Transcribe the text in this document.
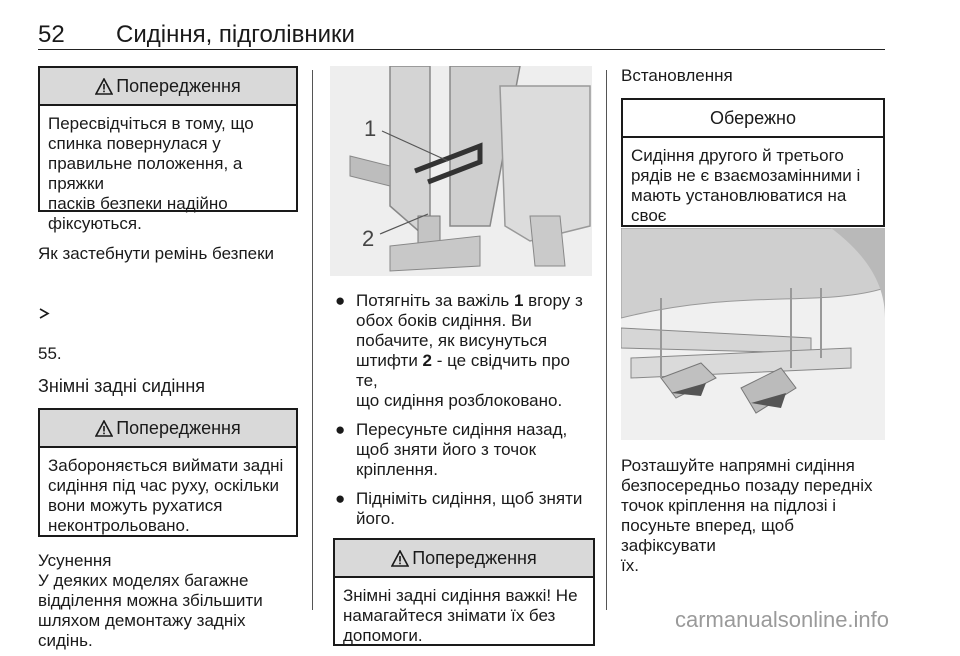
52 Сидіння, підголівники
Попередження
Пересвідчіться в тому, що
спинка повернулася у
правильне положення, а пряжки
пасків безпеки надійно
фіксуються.

Як застебнути ремінь безпеки

55.

Знімні задні сидіння
Попередження
Забороняється виймати задні
сидіння під час руху, оскільки
вони можуть рухатися
неконтрольовано.
Усунення
У деяких моделях багажне
відділення можна збільшити
шляхом демонтажу задніх сидінь.
1
2
● Потягніть за важіль 1 вгору з
обох боків сидіння. Ви
побачите, як висунуться
штифти 2 - це свідчить про те,
що сидіння розблоковано.
● Пересуньте сидіння назад,
щоб зняти його з точок
кріплення.
● Підніміть сидіння, щоб зняти
його.
Попередження
Знімні задні сидіння важкі! Не
намагайтеся знімати їх без
допомоги.
Встановлення
Обережно
Сидіння другого й третього
рядів не є взаємозамінними і
мають установлюватися на своє

Розташуйте напрямні сидіння
безпосередньо позаду передніх
точок кріплення на підлозі і
посуньте вперед, щоб зафіксувати
їх.
carmanualsonline.info
